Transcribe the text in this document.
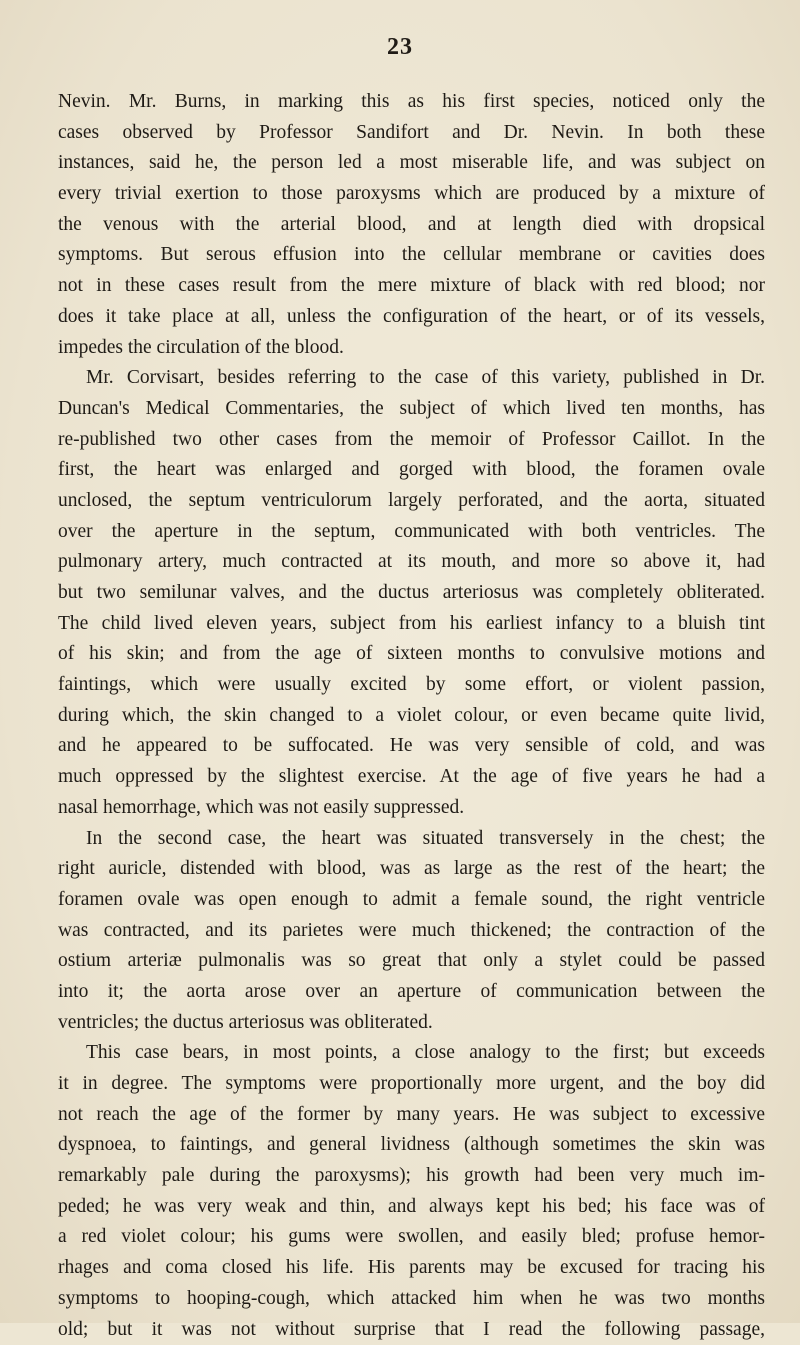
23
Nevin. Mr. Burns, in marking this as his first species, noticed only the
cases observed by Professor Sandifort and Dr. Nevin. In both these
instances, said he, the person led a most miserable life, and was subject on
every trivial exertion to those paroxysms which are produced by a mixture of
the venous with the arterial blood, and at length died with dropsical
symptoms. But serous effusion into the cellular membrane or cavities does
not in these cases result from the mere mixture of black with red blood; nor
does it take place at all, unless the configuration of the heart, or of its vessels,
impedes the circulation of the blood.
Mr. Corvisart, besides referring to the case of this variety, published in Dr.
Duncan's Medical Commentaries, the subject of which lived ten months, has
re-published two other cases from the memoir of Professor Caillot. In the
first, the heart was enlarged and gorged with blood, the foramen ovale
unclosed, the septum ventriculorum largely perforated, and the aorta, situated
over the aperture in the septum, communicated with both ventricles. The
pulmonary artery, much contracted at its mouth, and more so above it, had
but two semilunar valves, and the ductus arteriosus was completely obliterated.
The child lived eleven years, subject from his earliest infancy to a bluish tint
of his skin; and from the age of sixteen months to convulsive motions and
faintings, which were usually excited by some effort, or violent passion,
during which, the skin changed to a violet colour, or even became quite livid,
and he appeared to be suffocated. He was very sensible of cold, and was
much oppressed by the slightest exercise. At the age of five years he had a
nasal hemorrhage, which was not easily suppressed.
In the second case, the heart was situated transversely in the chest; the
right auricle, distended with blood, was as large as the rest of the heart; the
foramen ovale was open enough to admit a female sound, the right ventricle
was contracted, and its parietes were much thickened; the contraction of the
ostium arteriæ pulmonalis was so great that only a stylet could be passed
into it; the aorta arose over an aperture of communication between the
ventricles; the ductus arteriosus was obliterated.
This case bears, in most points, a close analogy to the first; but exceeds
it in degree. The symptoms were proportionally more urgent, and the boy did
not reach the age of the former by many years. He was subject to excessive
dyspnoea, to faintings, and general lividness (although sometimes the skin was
remarkably pale during the paroxysms); his growth had been very much im-
peded; he was very weak and thin, and always kept his bed; his face was of
a red violet colour; his gums were swollen, and easily bled; profuse hemor-
rhages and coma closed his life. His parents may be excused for tracing his
symptoms to hooping-cough, which attacked him when he was two months
old; but it was not without surprise that I read the following passage,
